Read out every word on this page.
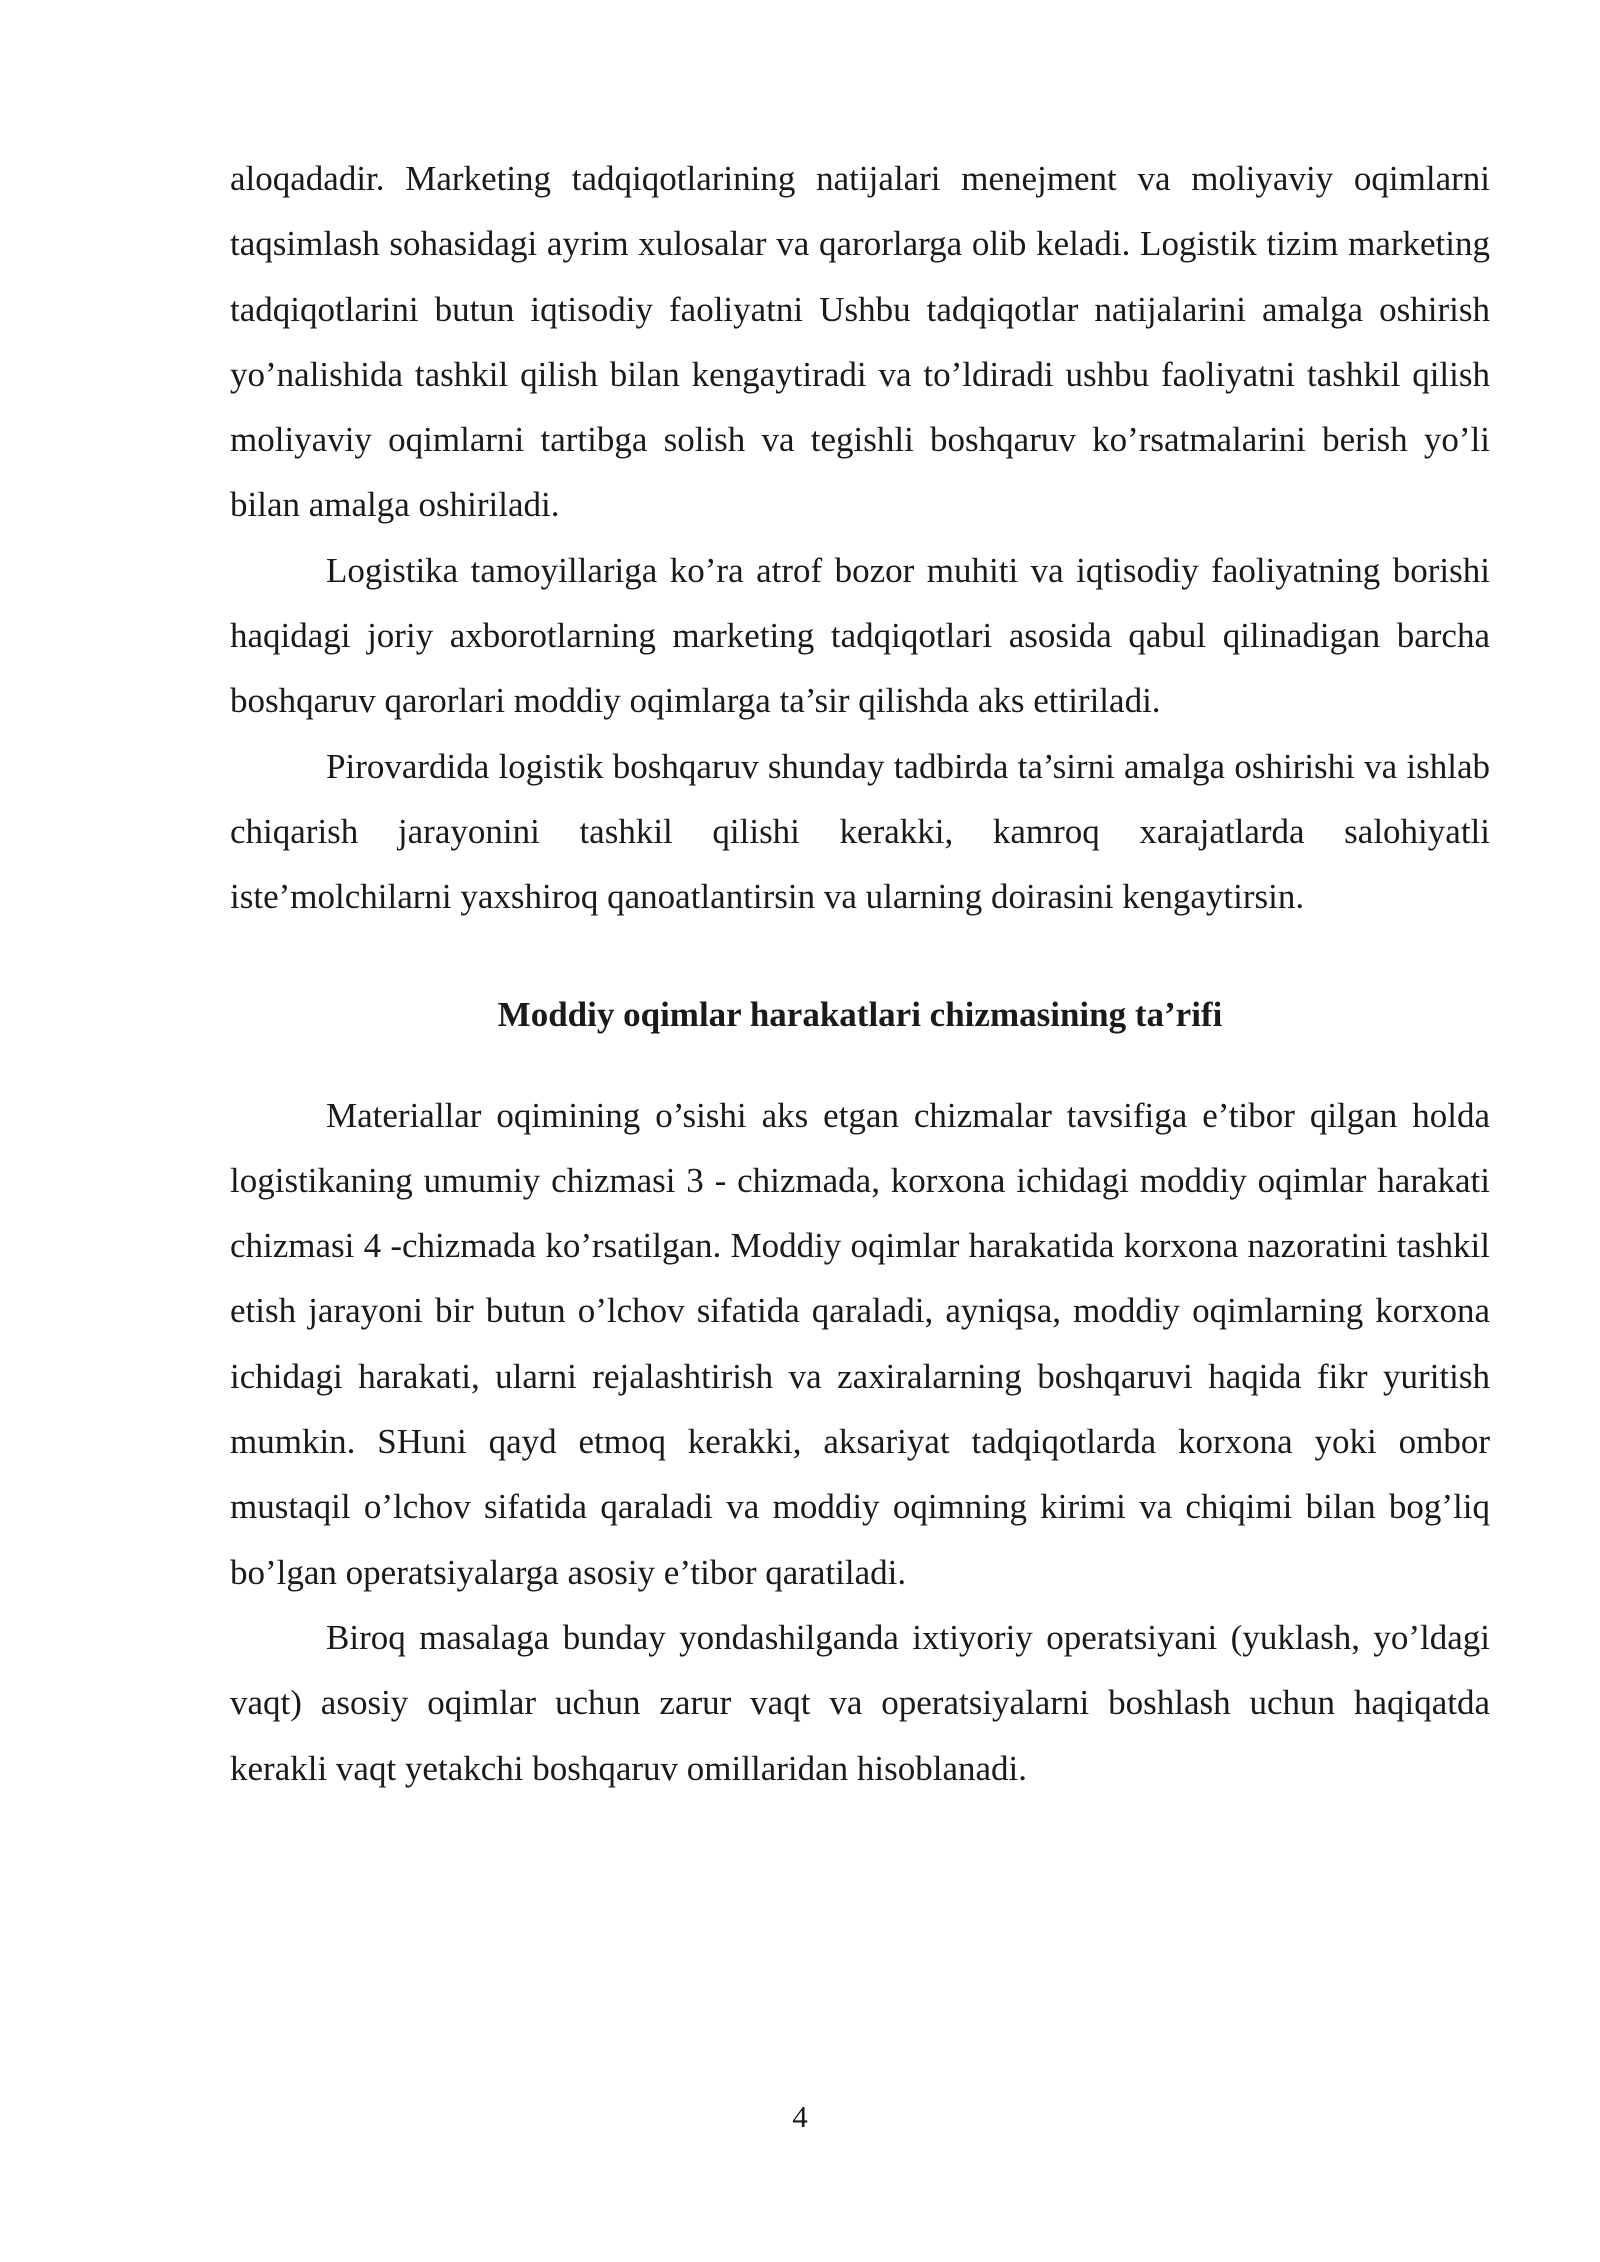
aloqadadir. Marketing tadqiqotlarining natijalari menejment va moliyaviy oqimlarni taqsimlash sohasidagi ayrim xulosalar va qarorlarga olib keladi. Logistik tizim marketing tadqiqotlarini butun iqtisodiy faoliyatni Ushbu tadqiqotlar natijalarini amalga oshirish yo’nalishida tashkil qilish bilan kengaytiradi va to’ldiradi ushbu faoliyatni tashkil qilish moliyaviy oqimlarni tartibga solish va tegishli boshqaruv ko’rsatmalarini berish yo’li bilan amalga oshiriladi.

Logistika tamoyillariga ko’ra atrof bozor muhiti va iqtisodiy faoliyatning borishi haqidagi joriy axborotlarning marketing tadqiqotlari asosida qabul qilinadigan barcha boshqaruv qarorlari moddiy oqimlarga ta’sir qilishda aks ettiriladi.

Pirovardida logistik boshqaruv shunday tadbirda ta’sirni amalga oshirishi va ishlab chiqarish jarayonini tashkil qilishi kerakki, kamroq xarajatlarda salohiyatli iste’molchilarni yaxshiroq qanoatlantirsin va ularning doirasini kengaytirsin.

Moddiy oqimlar harakatlari chizmasining ta’rifi

Materiallar oqimining o’sishi aks etgan chizmalar tavsifiga e’tibor qilgan holda logistikaning umumiy chizmasi 3 - chizmada, korxona ichidagi moddiy oqimlar harakati chizmasi 4 -chizmada ko’rsatilgan. Moddiy oqimlar harakatida korxona nazoratini tashkil etish jarayoni bir butun o’lchov sifatida qaraladi, ayniqsa, moddiy oqimlarning korxona ichidagi harakati, ularni rejalashtirish va zaxiralarning boshqaruvi haqida fikr yuritish mumkin. SHuni qayd etmoq kerakki, aksariyat tadqiqotlarda korxona yoki ombor mustaqil o’lchov sifatida qaraladi va moddiy oqimning kirimi va chiqimi bilan bog’liq bo’lgan operatsiyalarga asosiy e’tibor qaratiladi.

Biroq masalaga bunday yondashilganda ixtiyoriy operatsiyani (yuklash, yo’ldagi vaqt) asosiy oqimlar uchun zarur vaqt va operatsiyalarni boshlash uchun haqiqatda kerakli vaqt yetakchi boshqaruv omillaridan hisoblanadi.

4
